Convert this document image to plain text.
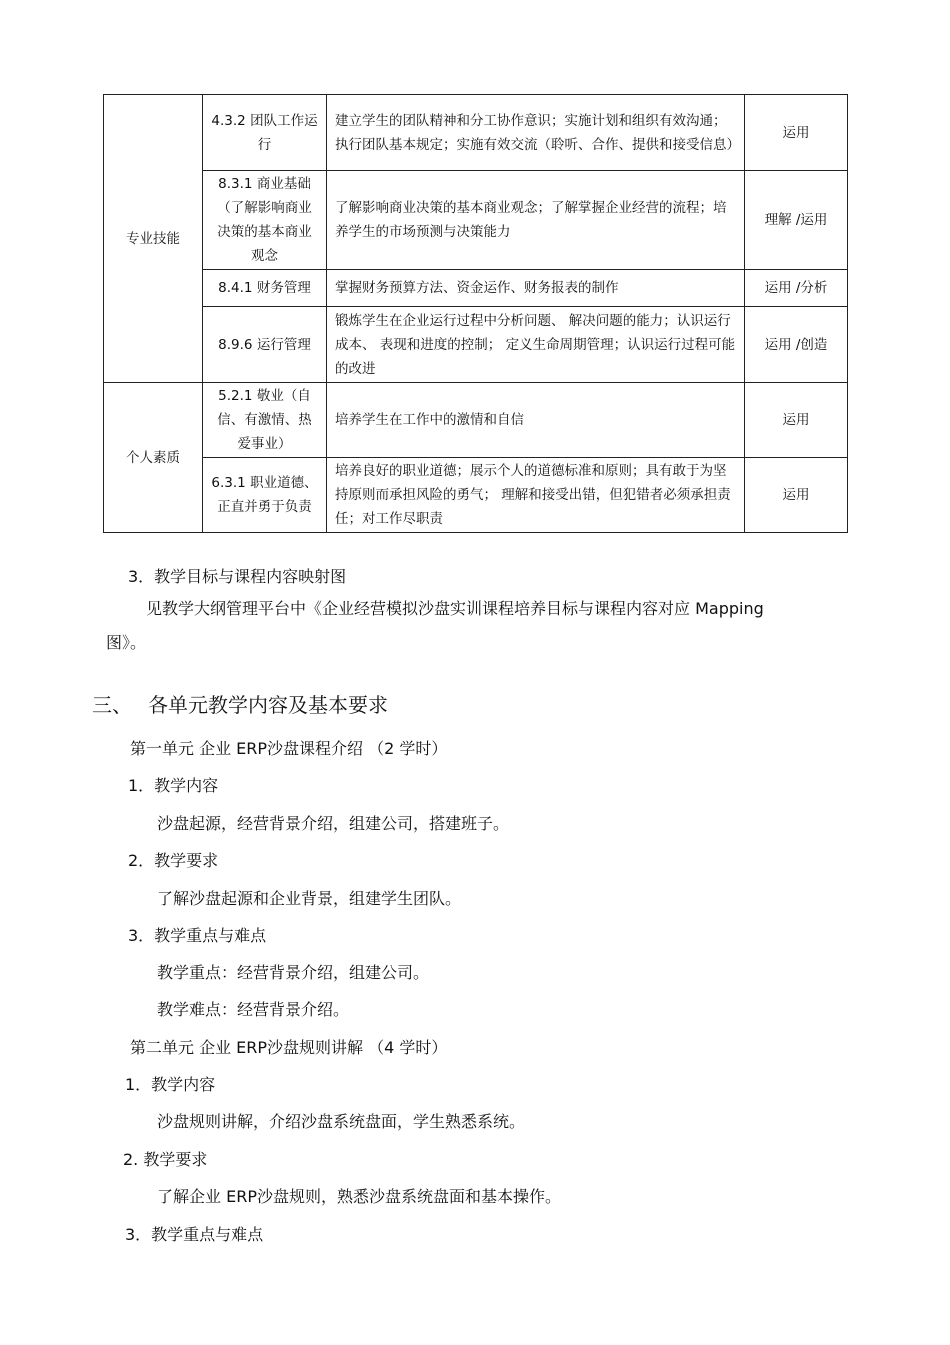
专业技能	4.3.2 团队工作运行	建立学生的团队精神和分工协作意识；实施计划和组织有效沟通；执行团队基本规定；实施有效交流（聆听、合作、提供和接受信息）	运用
	8.3.1 商业基础（了解影响商业决策的基本商业观念	了解影响商业决策的基本商业观念；了解掌握企业经营的流程；培养学生的市场预测与决策能力	理解 /运用
	8.4.1 财务管理	掌握财务预算方法、资金运作、财务报表的制作	运用 /分析
	8.9.6 运行管理	锻炼学生在企业运行过程中分析问题、 解决问题的能力；认识运行成本、 表现和进度的控制； 定义生命周期管理；认识运行过程可能的改进	运用 /创造
个人素质	5.2.1 敬业（自信、有激情、热爱事业）	培养学生在工作中的激情和自信	运用
	6.3.1 职业道德、正直并勇于负责	培养良好的职业道德；展示个人的道德标准和原则；具有敢于为坚持原则而承担风险的勇气； 理解和接受出错，但犯错者必须承担责任；对工作尽职责	运用
3．教学目标与课程内容映射图
见教学大纲管理平台中《企业经营模拟沙盘实训课程培养目标与课程内容对应 Mapping 图》。
三、 各单元教学内容及基本要求
第一单元 企业 ERP沙盘课程介绍 （2 学时）
1．教学内容
沙盘起源，经营背景介绍，组建公司，搭建班子。
2．教学要求
了解沙盘起源和企业背景，组建学生团队。
3．教学重点与难点
教学重点：经营背景介绍，组建公司。
教学难点：经营背景介绍。
第二单元 企业 ERP沙盘规则讲解 （4 学时）
1．教学内容
沙盘规则讲解，介绍沙盘系统盘面，学生熟悉系统。
2. 教学要求
了解企业 ERP沙盘规则，熟悉沙盘系统盘面和基本操作。
3．教学重点与难点
